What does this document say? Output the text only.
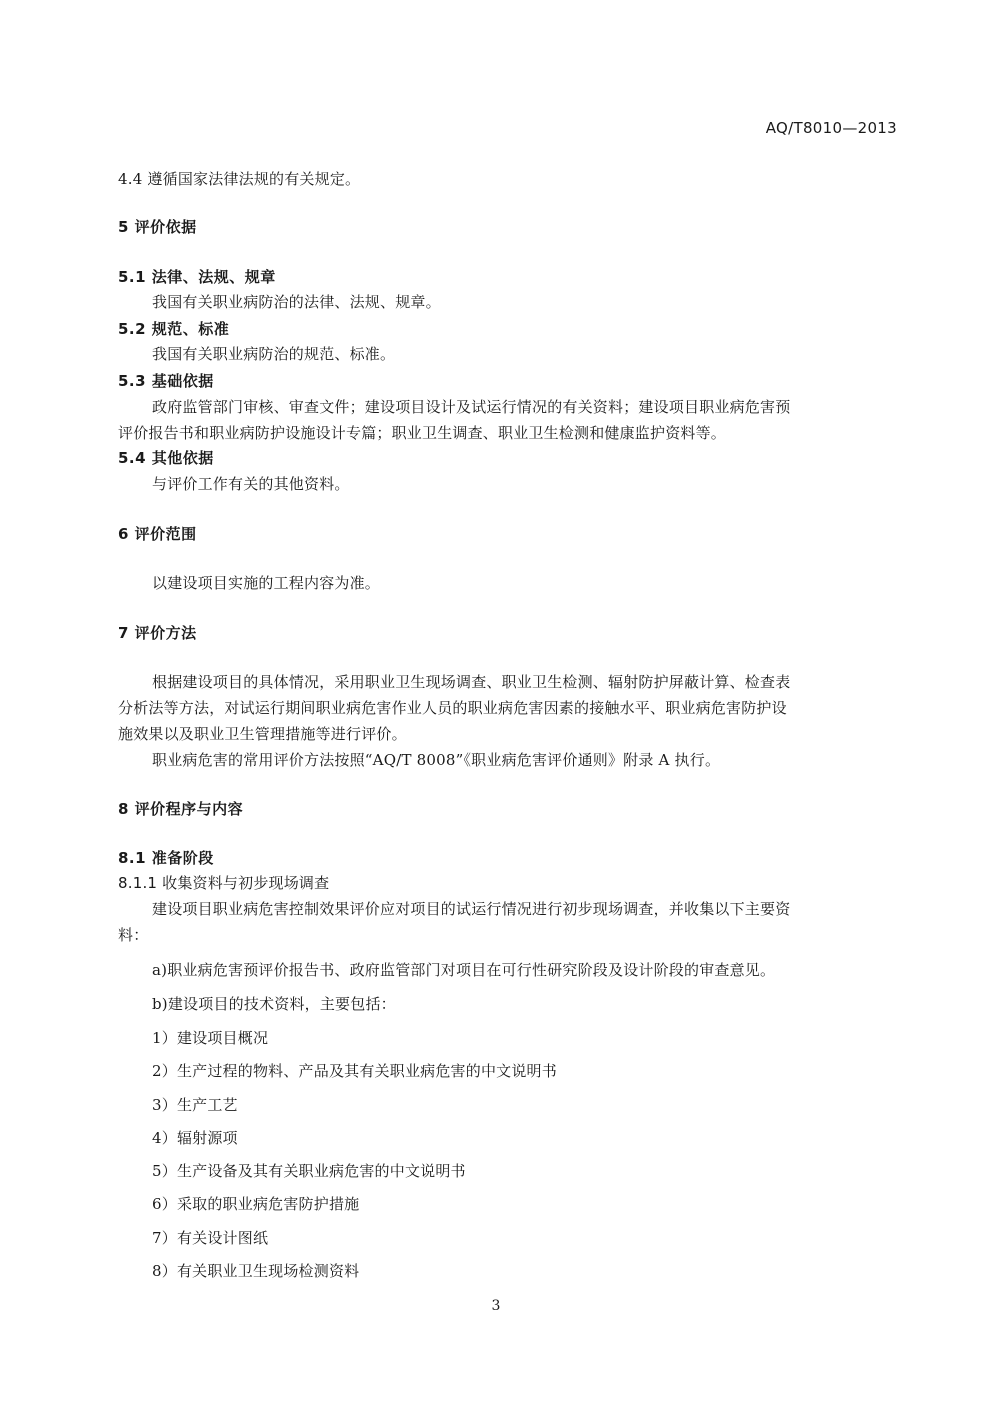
AQ/T8010—2013
4.4 遵循国家法律法规的有关规定。
5 评价依据
5.1 法律、法规、规章
我国有关职业病防治的法律、法规、规章。
5.2 规范、标准
我国有关职业病防治的规范、标准。
5.3 基础依据
政府监管部门审核、审查文件；建设项目设计及试运行情况的有关资料；建设项目职业病危害预
评价报告书和职业病防护设施设计专篇；职业卫生调查、职业卫生检测和健康监护资料等。
5.4 其他依据
与评价工作有关的其他资料。
6 评价范围
以建设项目实施的工程内容为准。
7 评价方法
根据建设项目的具体情况，采用职业卫生现场调查、职业卫生检测、辐射防护屏蔽计算、检查表
分析法等方法，对试运行期间职业病危害作业人员的职业病危害因素的接触水平、职业病危害防护设
施效果以及职业卫生管理措施等进行评价。
职业病危害的常用评价方法按照“AQ/T 8008”《职业病危害评价通则》附录 A 执行。
8 评价程序与内容
8.1 准备阶段
8.1.1 收集资料与初步现场调查
建设项目职业病危害控制效果评价应对项目的试运行情况进行初步现场调查，并收集以下主要资
料：
a)职业病危害预评价报告书、政府监管部门对项目在可行性研究阶段及设计阶段的审查意见。
b)建设项目的技术资料，主要包括：
1）建设项目概况
2）生产过程的物料、产品及其有关职业病危害的中文说明书
3）生产工艺
4）辐射源项
5）生产设备及其有关职业病危害的中文说明书
6）采取的职业病危害防护措施
7）有关设计图纸
8）有关职业卫生现场检测资料
3
